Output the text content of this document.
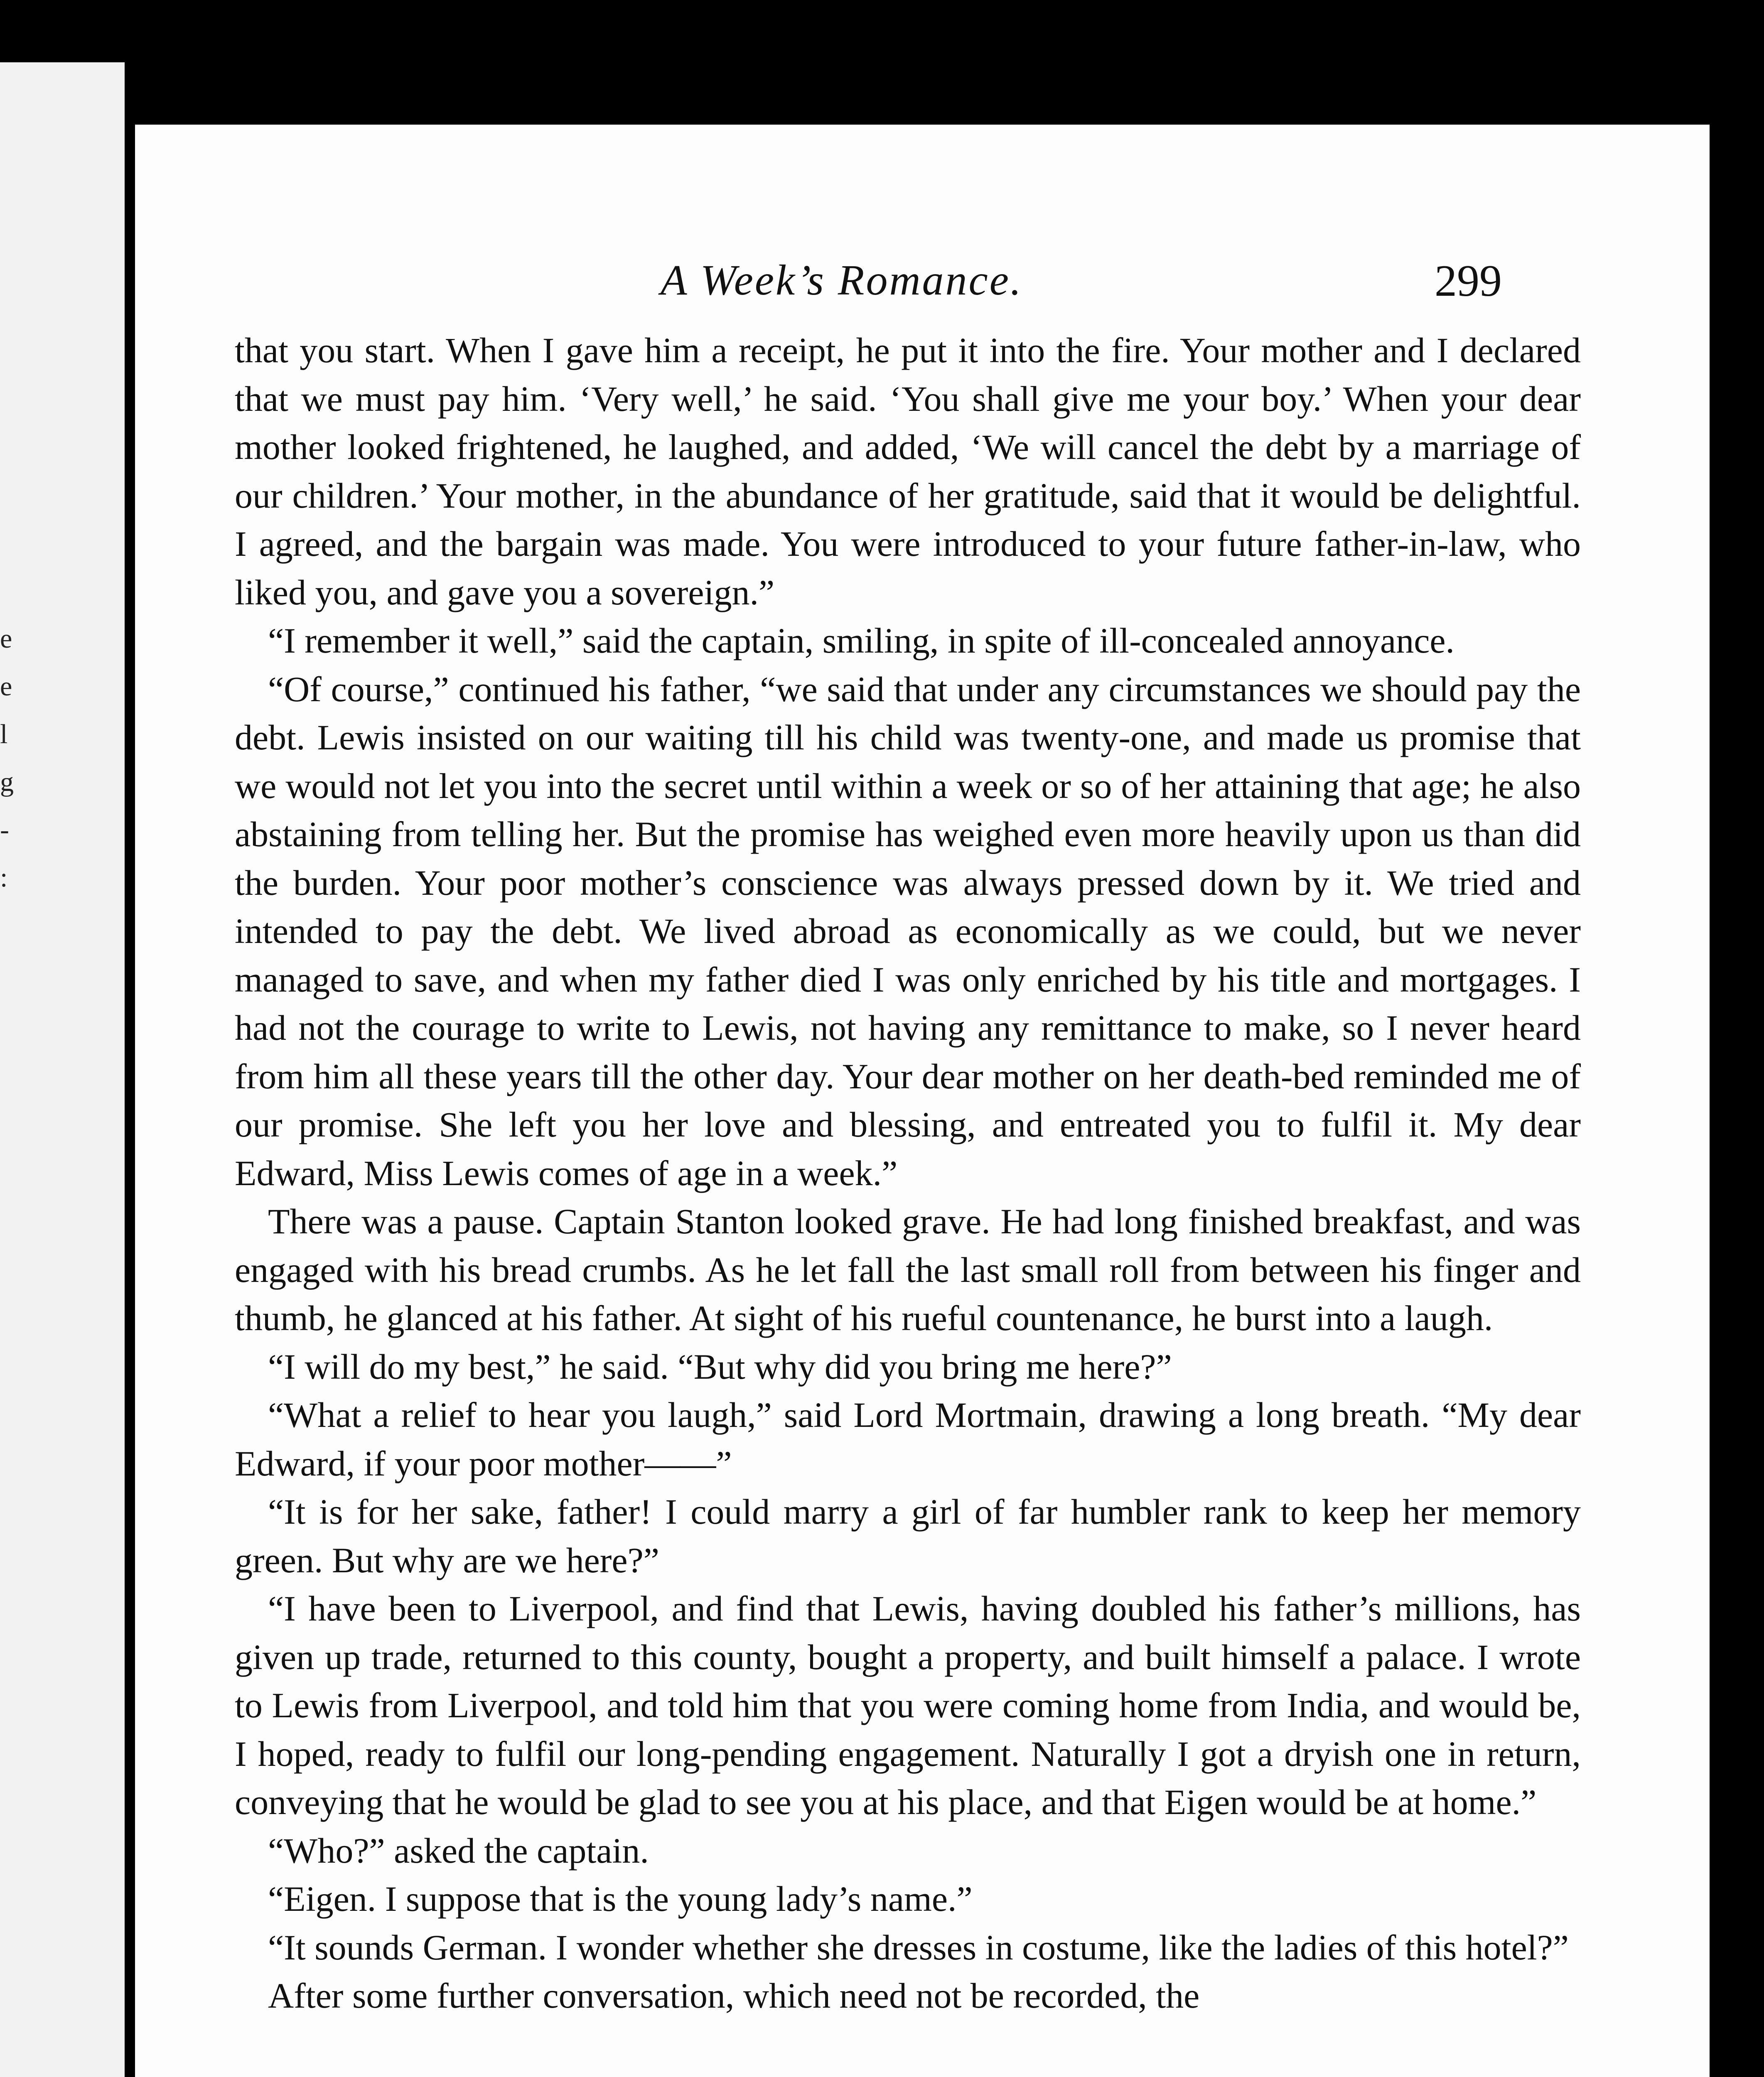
e
e
l
g
-
:
A Week’s Romance.	299

that you start. When I gave him a receipt, he put it into the fire. Your mother and I declared that we must pay him. ‘Very well,’ he said. ‘You shall give me your boy.’ When your dear mother looked frightened, he laughed, and added, ‘We will cancel the debt by a marriage of our children.’ Your mother, in the abundance of her gratitude, said that it would be delightful. I agreed, and the bargain was made. You were introduced to your future father-in-law, who liked you, and gave you a sovereign.”

“I remember it well,” said the captain, smiling, in spite of ill-concealed annoyance.

“Of course,” continued his father, “we said that under any circumstances we should pay the debt. Lewis insisted on our waiting till his child was twenty-one, and made us promise that we would not let you into the secret until within a week or so of her attaining that age; he also abstaining from telling her. But the promise has weighed even more heavily upon us than did the burden. Your poor mother’s conscience was always pressed down by it. We tried and intended to pay the debt. We lived abroad as economically as we could, but we never managed to save, and when my father died I was only enriched by his title and mortgages. I had not the courage to write to Lewis, not having any remittance to make, so I never heard from him all these years till the other day. Your dear mother on her death-bed reminded me of our promise. She left you her love and blessing, and entreated you to fulfil it. My dear Edward, Miss Lewis comes of age in a week.”

There was a pause. Captain Stanton looked grave. He had long finished breakfast, and was engaged with his bread crumbs. As he let fall the last small roll from between his finger and thumb, he glanced at his father. At sight of his rueful countenance, he burst into a laugh.

“I will do my best,” he said. “But why did you bring me here?”

“What a relief to hear you laugh,” said Lord Mortmain, drawing a long breath. “My dear Edward, if your poor mother——”

“It is for her sake, father! I could marry a girl of far humbler rank to keep her memory green. But why are we here?”

“I have been to Liverpool, and find that Lewis, having doubled his father’s millions, has given up trade, returned to this county, bought a property, and built himself a palace. I wrote to Lewis from Liverpool, and told him that you were coming home from India, and would be, I hoped, ready to fulfil our long-pending engagement. Naturally I got a dryish one in return, conveying that he would be glad to see you at his place, and that Eigen would be at home.”

“Who?” asked the captain.

“Eigen. I suppose that is the young lady’s name.”

“It sounds German. I wonder whether she dresses in costume, like the ladies of this hotel?”

After some further conversation, which need not be recorded, the
